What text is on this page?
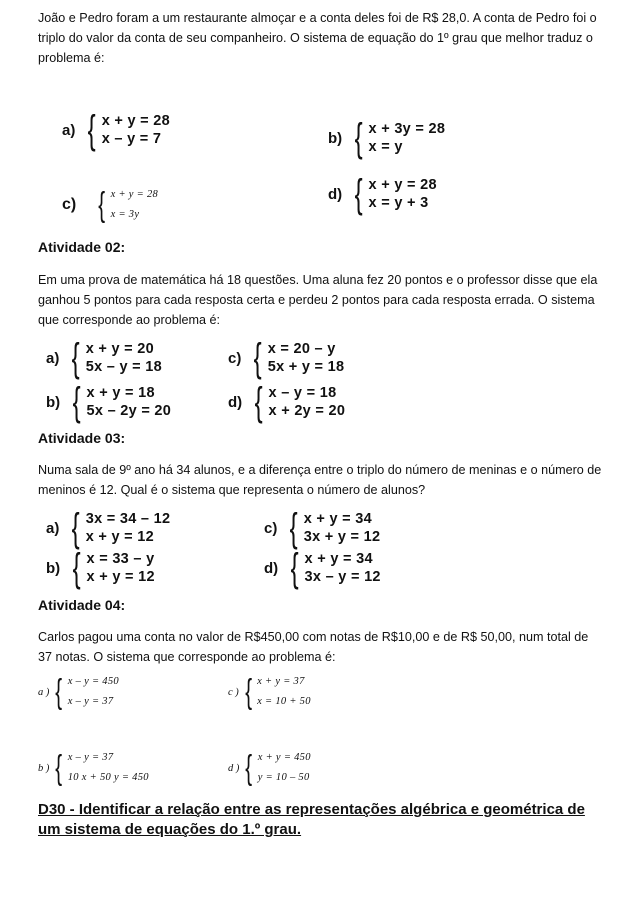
João e Pedro foram a um restaurante almoçar e a conta deles foi de R$ 28,0. A conta de Pedro foi o triplo do valor da conta de seu companheiro. O sistema de equação do 1º grau que melhor traduz o problema é:
a) { x + y = 28
x – y = 7	b) { x + 3y = 28
x = y
c) { x + y = 28
x = 3y
d) { x + y = 28
x = y + 3
Atividade 02:
Em uma prova de matemática há 18 questões. Uma aluna fez 20 pontos e o professor disse que ela ganhou 5 pontos para cada resposta certa e perdeu 2 pontos para cada resposta errada. O sistema que corresponde ao problema é:
a) { x + y = 20
5x – y = 18
c) { x = 20 – y
5x + y = 18
b) { x + y = 18
5x – 2y = 20
d) { x – y = 18
x + 2y = 20
Atividade 03:
Numa sala de 9º ano há 34 alunos, e a diferença entre o triplo do número de meninas e o número de meninos é 12. Qual é o sistema que representa o número de alunos?
a) { 3x = 34 – 12
x + y = 12
c) { x + y = 34
3x + y = 12
b) { x = 33 – y
x + y = 12
d) { x + y = 34
3x – y = 12
Atividade 04:
Carlos pagou uma conta no valor de R$450,00 com notas de R$10,00 e de R$ 50,00, num total de 37 notas. O sistema que corresponde ao problema é:
a ) { x – y = 450
x – y = 37
c ) { x + y = 37
x = 10 + 50
b ) { x – y = 37
10 x + 50 y = 450
d ) { x + y = 450
y = 10 – 50
D30 - Identificar a relação entre as representações algébrica e geométrica de um sistema de equações do 1.º grau.
